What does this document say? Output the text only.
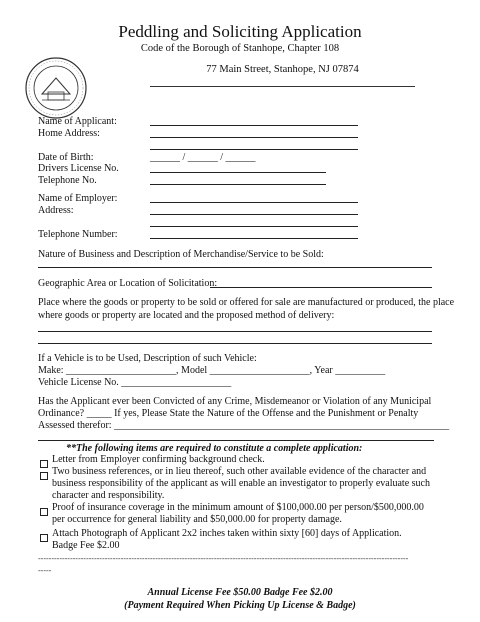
Peddling and Soliciting Application
Code of the Borough of Stanhope, Chapter 108
77 Main Street, Stanhope, NJ 07874
Name of Applicant:
Home Address:
Date of Birth:	______ / ______ / ______
Drivers License No.
Telephone No.
Name of Employer:
Address:
Telephone Number:
Nature of Business and Description of Merchandise/Service to be Sold:
Geographic Area or Location of Solicitation:
Place where the goods or property to be sold or offered for sale are manufactured or produced, the place
where goods or property are located and the proposed method of delivery:
If a Vehicle is to be Used, Description of such Vehicle:
Make: ______________________, Model ____________________, Year __________
Vehicle License No. ______________________
Has the Applicant ever been Convicted of any Crime, Misdemeanor or Violation of any Municipal
Ordinance? _____ If yes, Please State the Nature of the Offense and the Punishment or Penalty
Assessed therefor: ___________________________________________________________________
**The following items are required to constitute a complete application:
Letter from Employer confirming background check.
Two business references, or in lieu thereof, such other available evidence of the character and business responsibility of the applicant as will enable an investigator to properly evaluate such character and responsibility.
Proof of insurance coverage in the minimum amount of $100,000.00 per person/$500,000.00 per occurrence for general liability and $50,000.00 for property damage.
Attach Photograph of Applicant 2x2 inches taken within sixty [60] days of Application. Badge Fee $2.00
-------------------------------------------------------------------------------------------------------------------------------------------
-----
Annual License Fee $50.00 Badge Fee $2.00
(Payment Required When Picking Up License & Badge)
